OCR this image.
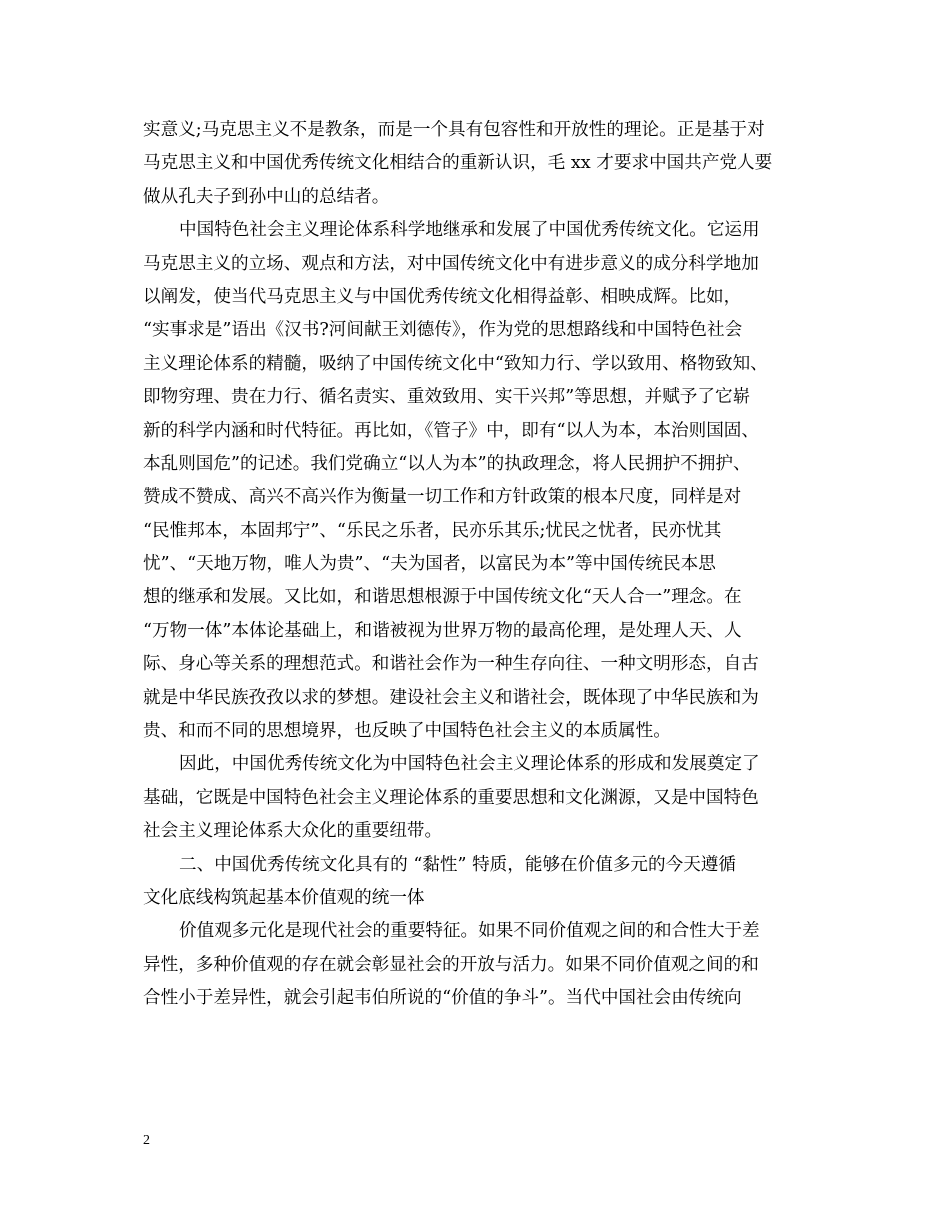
实意义;马克思主义不是教条，而是一个具有包容性和开放性的理论。正是基于对
马克思主义和中国优秀传统文化相结合的重新认识，毛 xx 才要求中国共产党人要
做从孔夫子到孙中山的总结者。
中国特色社会主义理论体系科学地继承和发展了中国优秀传统文化。它运用
马克思主义的立场、观点和方法，对中国传统文化中有进步意义的成分科学地加
以阐发，使当代马克思主义与中国优秀传统文化相得益彰、相映成辉。比如，
“实事求是”语出《汉书?河间献王刘德传》，作为党的思想路线和中国特色社会
主义理论体系的精髓，吸纳了中国传统文化中“致知力行、学以致用、格物致知、
即物穷理、贵在力行、循名责实、重效致用、实干兴邦”等思想，并赋予了它崭
新的科学内涵和时代特征。再比如，《管子》中，即有“以人为本，本治则国固、
本乱则国危”的记述。我们党确立“以人为本”的执政理念，将人民拥护不拥护、
赞成不赞成、高兴不高兴作为衡量一切工作和方针政策的根本尺度，同样是对
“民惟邦本，本固邦宁”、“乐民之乐者，民亦乐其乐;忧民之忧者，民亦忧其
忧”、“天地万物，唯人为贵”、“夫为国者，以富民为本”等中国传统民本思
想的继承和发展。又比如，和谐思想根源于中国传统文化“天人合一”理念。在
“万物一体”本体论基础上，和谐被视为世界万物的最高伦理，是处理人天、人
际、身心等关系的理想范式。和谐社会作为一种生存向往、一种文明形态，自古
就是中华民族孜孜以求的梦想。建设社会主义和谐社会，既体现了中华民族和为
贵、和而不同的思想境界，也反映了中国特色社会主义的本质属性。
因此，中国优秀传统文化为中国特色社会主义理论体系的形成和发展奠定了
基础，它既是中国特色社会主义理论体系的重要思想和文化渊源，又是中国特色
社会主义理论体系大众化的重要纽带。
二、中国优秀传统文化具有的 “黏性” 特质，能够在价值多元的今天遵循
文化底线构筑起基本价值观的统一体
价值观多元化是现代社会的重要特征。如果不同价值观之间的和合性大于差
异性，多种价值观的存在就会彰显社会的开放与活力。如果不同价值观之间的和
合性小于差异性，就会引起韦伯所说的“价值的争斗”。当代中国社会由传统向
2
